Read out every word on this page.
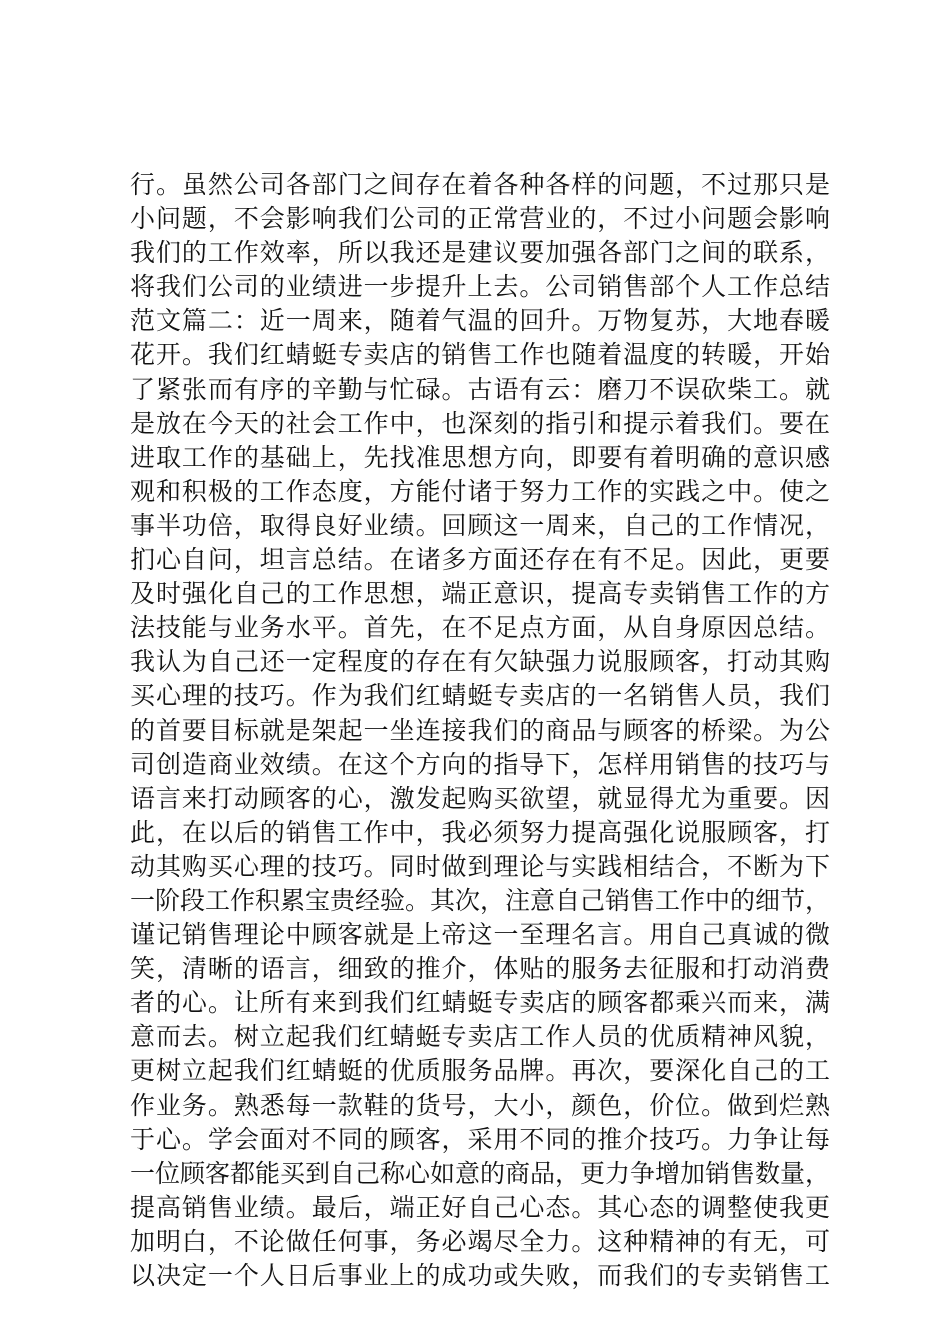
行。虽然公司各部门之间存在着各种各样的问题，不过那只是
小问题，不会影响我们公司的正常营业的，不过小问题会影响
我们的工作效率，所以我还是建议要加强各部门之间的联系，
将我们公司的业绩进一步提升上去。公司销售部个人工作总结
范文篇二：近一周来，随着气温的回升。万物复苏，大地春暖
花开。我们红蜻蜓专卖店的销售工作也随着温度的转暖，开始
了紧张而有序的辛勤与忙碌。古语有云：磨刀不误砍柴工。就
是放在今天的社会工作中，也深刻的指引和提示着我们。要在
进取工作的基础上，先找准思想方向，即要有着明确的意识感
观和积极的工作态度，方能付诸于努力工作的实践之中。使之
事半功倍，取得良好业绩。回顾这一周来，自己的工作情况，
扪心自问，坦言总结。在诸多方面还存在有不足。因此，更要
及时强化自己的工作思想，端正意识，提高专卖销售工作的方
法技能与业务水平。首先，在不足点方面，从自身原因总结。
我认为自己还一定程度的存在有欠缺强力说服顾客，打动其购
买心理的技巧。作为我们红蜻蜓专卖店的一名销售人员，我们
的首要目标就是架起一坐连接我们的商品与顾客的桥梁。为公
司创造商业效绩。在这个方向的指导下，怎样用销售的技巧与
语言来打动顾客的心，激发起购买欲望，就显得尤为重要。因
此，在以后的销售工作中，我必须努力提高强化说服顾客，打
动其购买心理的技巧。同时做到理论与实践相结合，不断为下
一阶段工作积累宝贵经验。其次，注意自己销售工作中的细节，
谨记销售理论中顾客就是上帝这一至理名言。用自己真诚的微
笑，清晰的语言，细致的推介，体贴的服务去征服和打动消费
者的心。让所有来到我们红蜻蜓专卖店的顾客都乘兴而来，满
意而去。树立起我们红蜻蜓专卖店工作人员的优质精神风貌，
更树立起我们红蜻蜓的优质服务品牌。再次，要深化自己的工
作业务。熟悉每一款鞋的货号，大小，颜色，价位。做到烂熟
于心。学会面对不同的顾客，采用不同的推介技巧。力争让每
一位顾客都能买到自己称心如意的商品，更力争增加销售数量，
提高销售业绩。最后，端正好自己心态。其心态的调整使我更
加明白，不论做任何事，务必竭尽全力。这种精神的有无，可
以决定一个人日后事业上的成功或失败，而我们的专卖销售工
